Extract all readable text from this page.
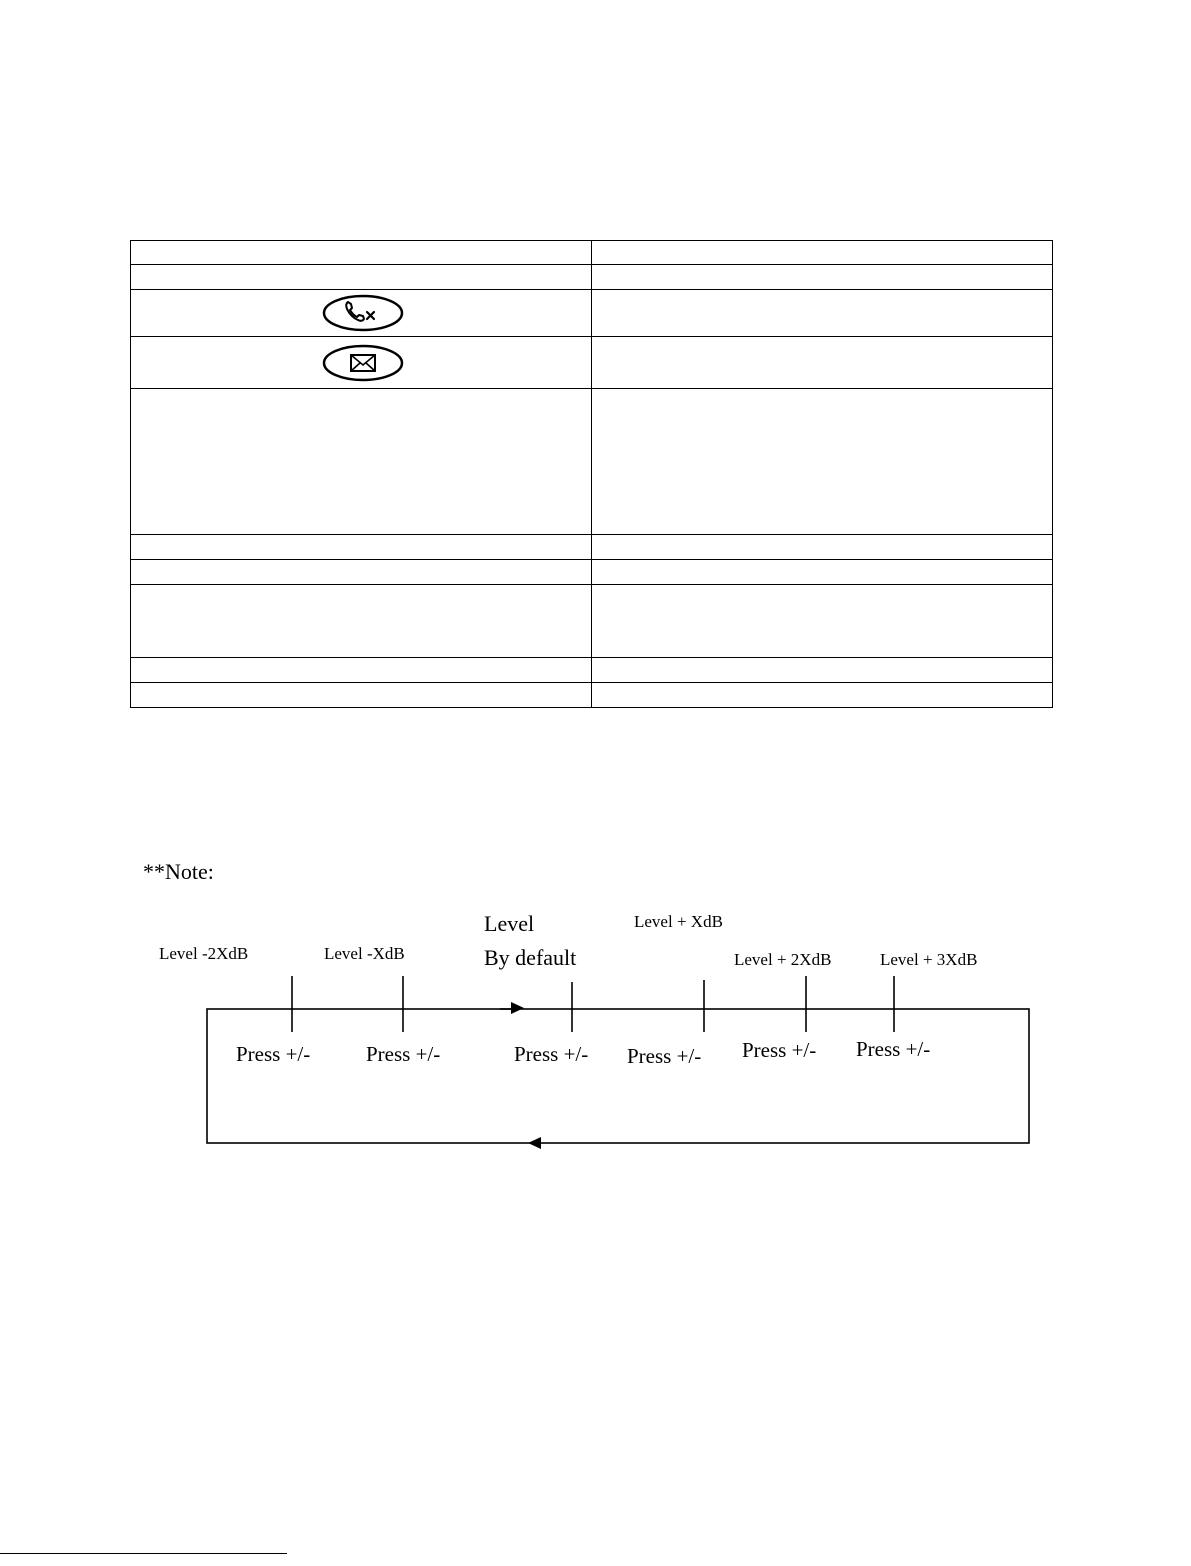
**Note:

Level -2XdB	Level -XdB
Level
By default
Level + XdB
Level + 2XdB	Level + 3XdB
Press +/-	Press +/-	Press +/- Press +/- Press +/- Press +/-
